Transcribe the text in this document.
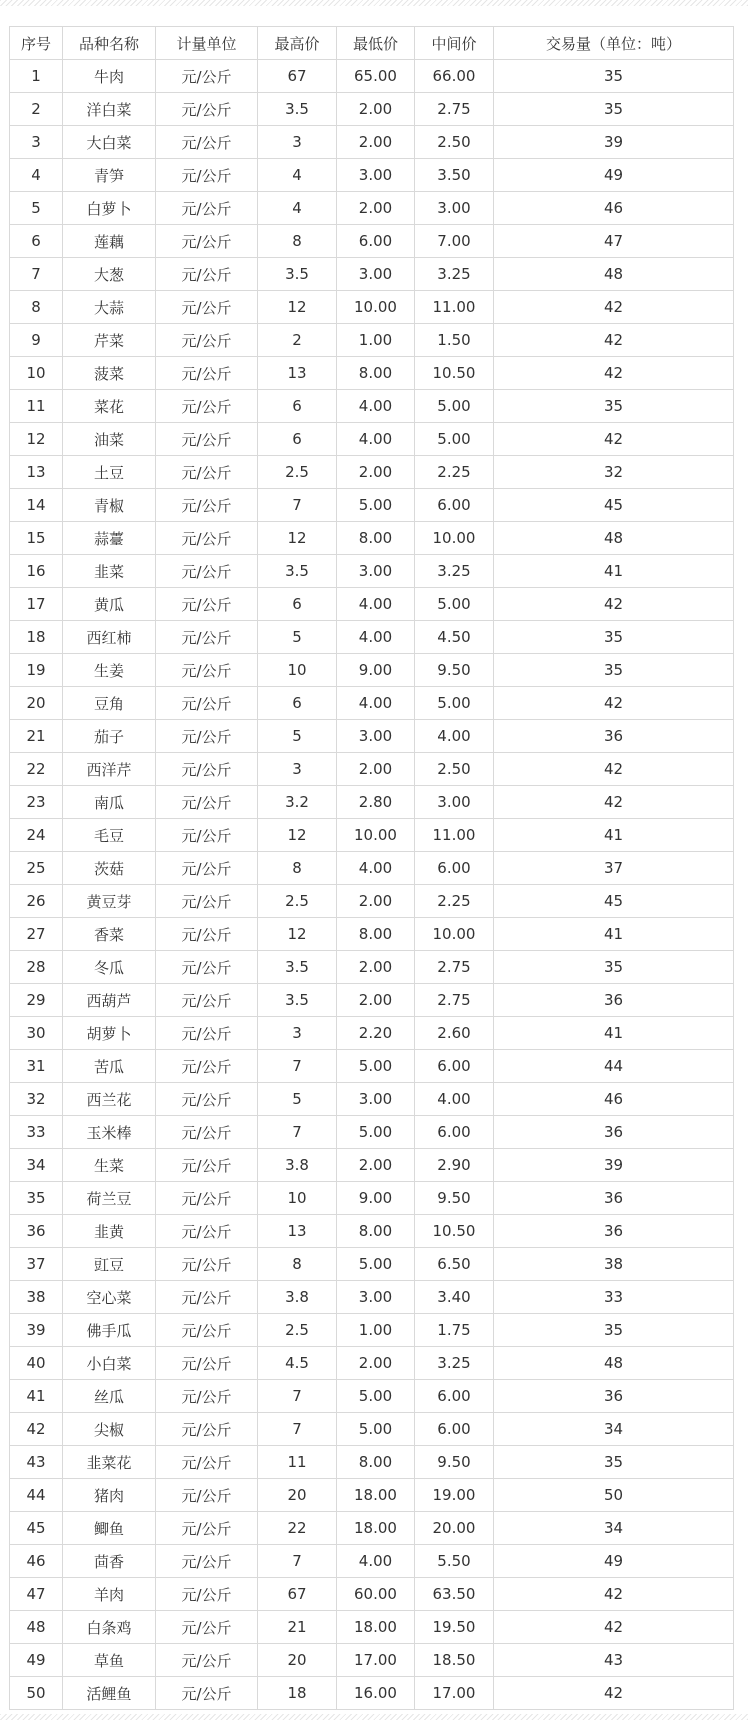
序号	品种名称	计量单位	最高价	最低价	中间价	交易量（单位：吨）
1	牛肉	元/公斤	67	65.00	66.00	35
2	洋白菜	元/公斤	3.5	2.00	2.75	35
3	大白菜	元/公斤	3	2.00	2.50	39
4	青笋	元/公斤	4	3.00	3.50	49
5	白萝卜	元/公斤	4	2.00	3.00	46
6	莲藕	元/公斤	8	6.00	7.00	47
7	大葱	元/公斤	3.5	3.00	3.25	48
8	大蒜	元/公斤	12	10.00	11.00	42
9	芹菜	元/公斤	2	1.00	1.50	42
10	菠菜	元/公斤	13	8.00	10.50	42
11	菜花	元/公斤	6	4.00	5.00	35
12	油菜	元/公斤	6	4.00	5.00	42
13	土豆	元/公斤	2.5	2.00	2.25	32
14	青椒	元/公斤	7	5.00	6.00	45
15	蒜薹	元/公斤	12	8.00	10.00	48
16	韭菜	元/公斤	3.5	3.00	3.25	41
17	黄瓜	元/公斤	6	4.00	5.00	42
18	西红柿	元/公斤	5	4.00	4.50	35
19	生姜	元/公斤	10	9.00	9.50	35
20	豆角	元/公斤	6	4.00	5.00	42
21	茄子	元/公斤	5	3.00	4.00	36
22	西洋芹	元/公斤	3	2.00	2.50	42
23	南瓜	元/公斤	3.2	2.80	3.00	42
24	毛豆	元/公斤	12	10.00	11.00	41
25	茨菇	元/公斤	8	4.00	6.00	37
26	黄豆芽	元/公斤	2.5	2.00	2.25	45
27	香菜	元/公斤	12	8.00	10.00	41
28	冬瓜	元/公斤	3.5	2.00	2.75	35
29	西葫芦	元/公斤	3.5	2.00	2.75	36
30	胡萝卜	元/公斤	3	2.20	2.60	41
31	苦瓜	元/公斤	7	5.00	6.00	44
32	西兰花	元/公斤	5	3.00	4.00	46
33	玉米棒	元/公斤	7	5.00	6.00	36
34	生菜	元/公斤	3.8	2.00	2.90	39
35	荷兰豆	元/公斤	10	9.00	9.50	36
36	韭黄	元/公斤	13	8.00	10.50	36
37	豇豆	元/公斤	8	5.00	6.50	38
38	空心菜	元/公斤	3.8	3.00	3.40	33
39	佛手瓜	元/公斤	2.5	1.00	1.75	35
40	小白菜	元/公斤	4.5	2.00	3.25	48
41	丝瓜	元/公斤	7	5.00	6.00	36
42	尖椒	元/公斤	7	5.00	6.00	34
43	韭菜花	元/公斤	11	8.00	9.50	35
44	猪肉	元/公斤	20	18.00	19.00	50
45	鲫鱼	元/公斤	22	18.00	20.00	34
46	茴香	元/公斤	7	4.00	5.50	49
47	羊肉	元/公斤	67	60.00	63.50	42
48	白条鸡	元/公斤	21	18.00	19.50	42
49	草鱼	元/公斤	20	17.00	18.50	43
50	活鲤鱼	元/公斤	18	16.00	17.00	42
